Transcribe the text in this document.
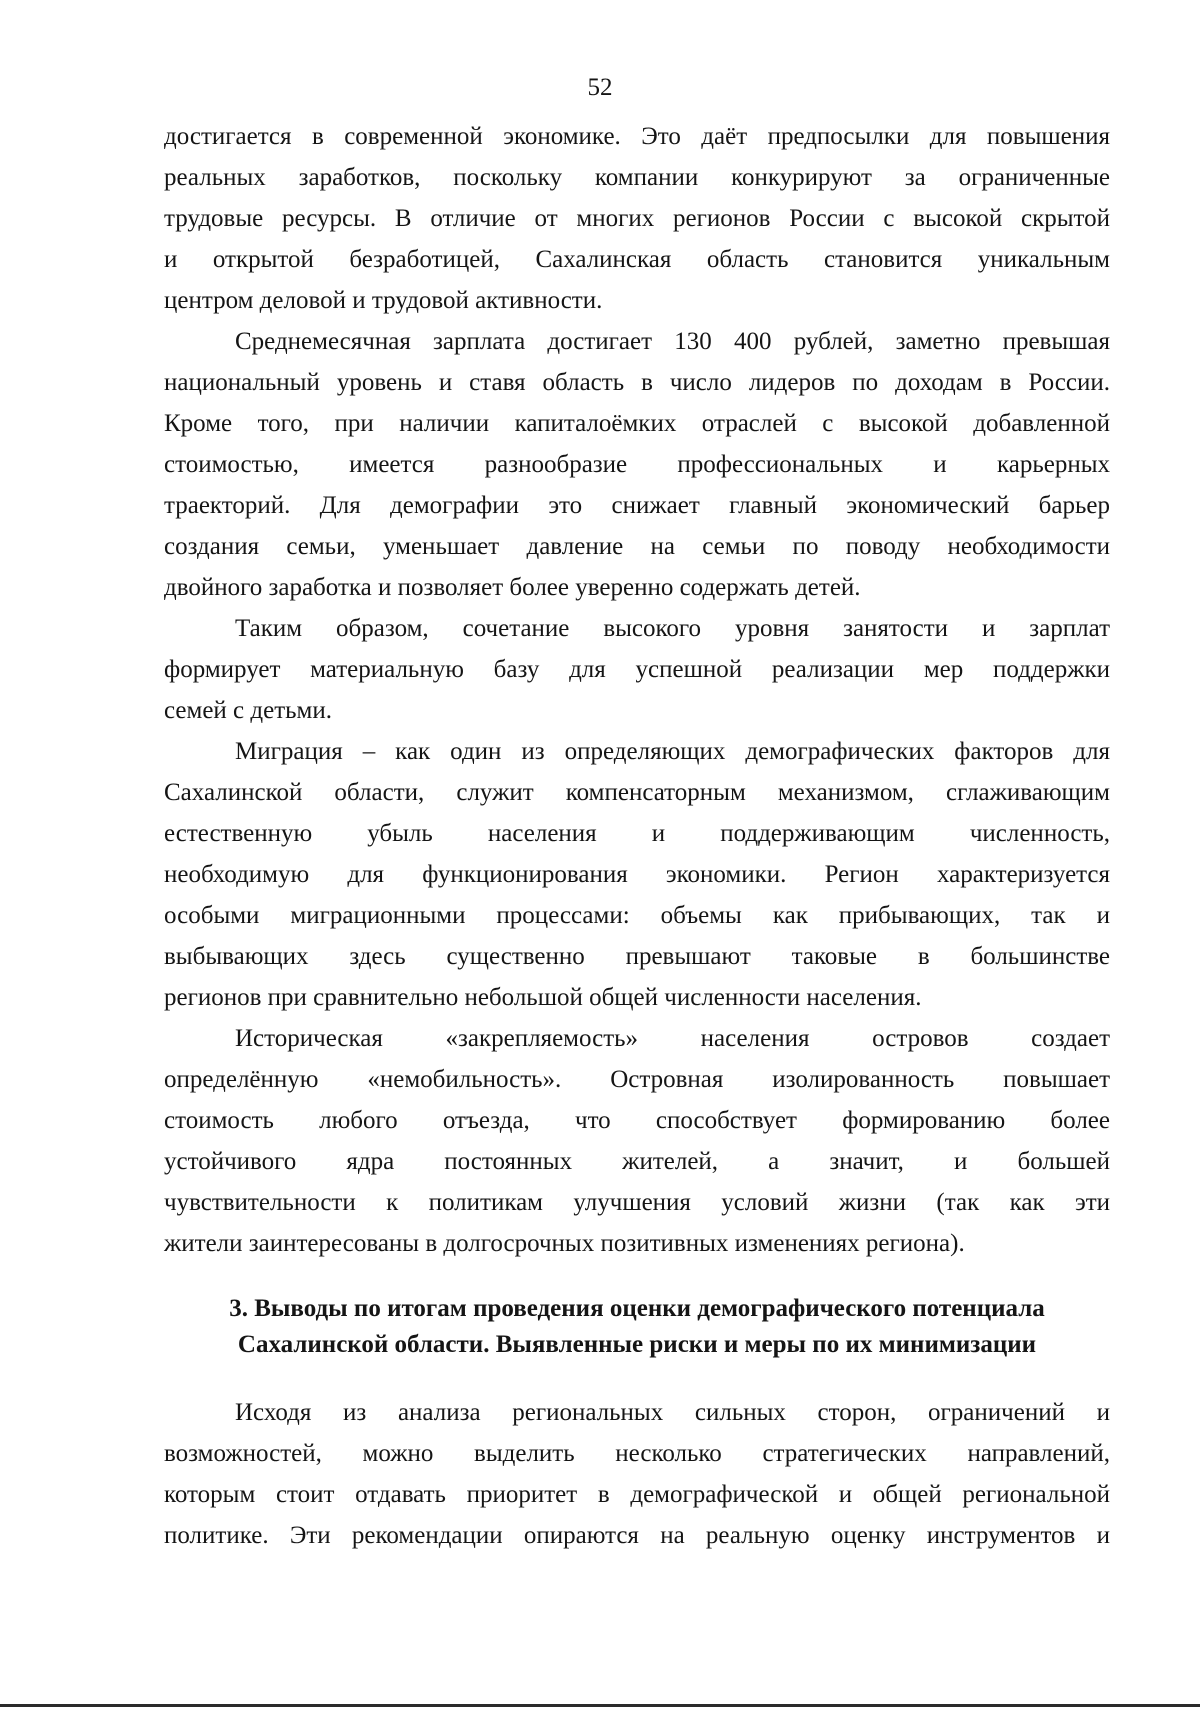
52
достигается в современной экономике. Это даёт предпосылки для повышения
реальных заработков, поскольку компании конкурируют за ограниченные
трудовые ресурсы. В отличие от многих регионов России с высокой скрытой
и открытой безработицей, Сахалинская область становится уникальным
центром деловой и трудовой активности.
Среднемесячная зарплата достигает 130 400 рублей, заметно превышая
национальный уровень и ставя область в число лидеров по доходам в России.
Кроме того, при наличии капиталоёмких отраслей с высокой добавленной
стоимостью, имеется разнообразие профессиональных и карьерных
траекторий. Для демографии это снижает главный экономический барьер
создания семьи, уменьшает давление на семьи по поводу необходимости
двойного заработка и позволяет более уверенно содержать детей.
Таким образом, сочетание высокого уровня занятости и зарплат
формирует материальную базу для успешной реализации мер поддержки
семей с детьми.
Миграция – как один из определяющих демографических факторов для
Сахалинской области, служит компенсаторным механизмом, сглаживающим
естественную убыль населения и поддерживающим численность,
необходимую для функционирования экономики. Регион характеризуется
особыми миграционными процессами: объемы как прибывающих, так и
выбывающих здесь существенно превышают таковые в большинстве
регионов при сравнительно небольшой общей численности населения.
Историческая «закрепляемость» населения островов создает
определённую «немобильность». Островная изолированность повышает
стоимость любого отъезда, что способствует формированию более
устойчивого ядра постоянных жителей, а значит, и большей
чувствительности к политикам улучшения условий жизни (так как эти
жители заинтересованы в долгосрочных позитивных изменениях региона).
3. Выводы по итогам проведения оценки демографического потенциала
Сахалинской области. Выявленные риски и меры по их минимизации
Исходя из анализа региональных сильных сторон, ограничений и
возможностей, можно выделить несколько стратегических направлений,
которым стоит отдавать приоритет в демографической и общей региональной
политике. Эти рекомендации опираются на реальную оценку инструментов и
